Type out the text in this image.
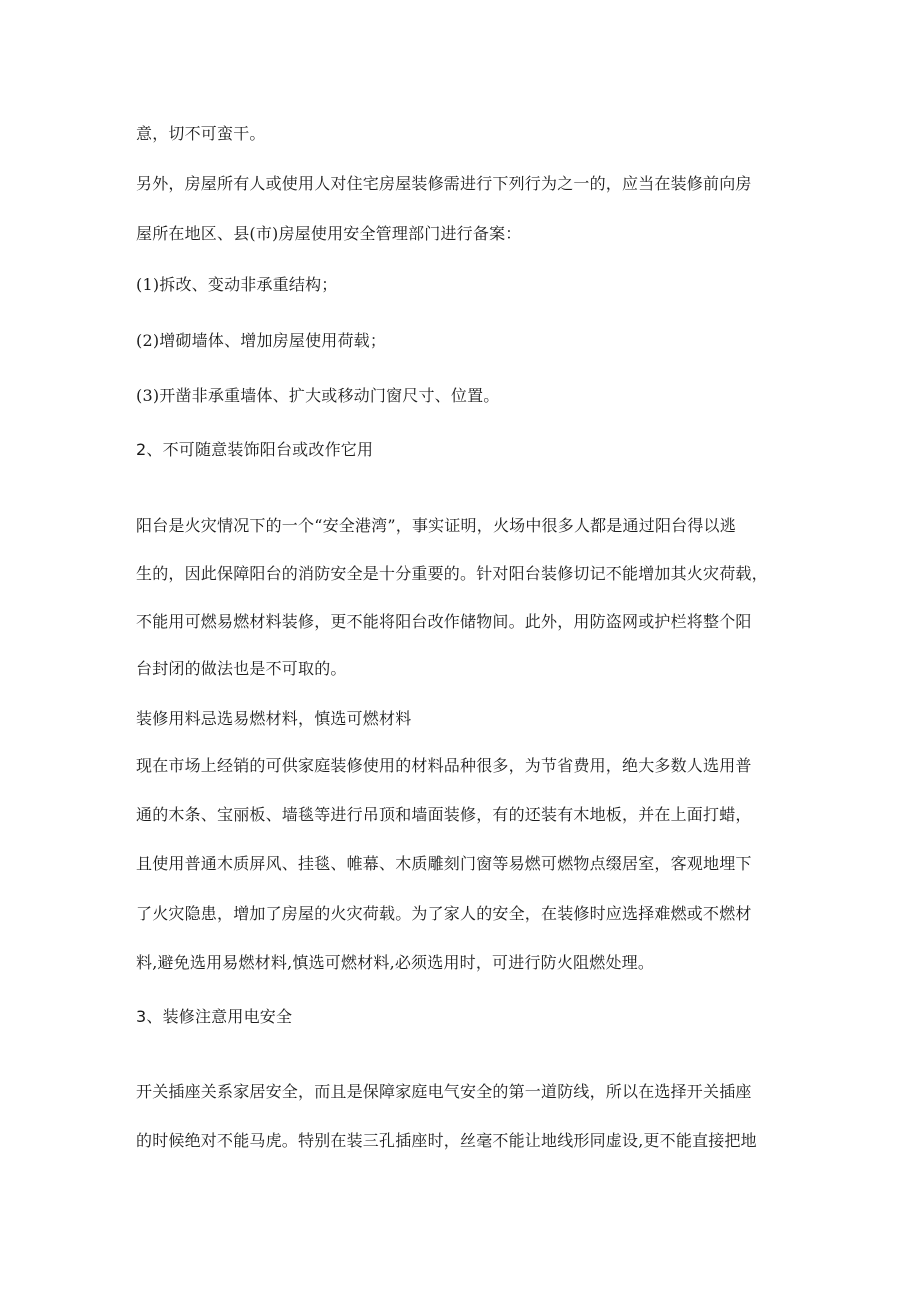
意，切不可蛮干。
另外，房屋所有人或使用人对住宅房屋装修需进行下列行为之一的，应当在装修前向房
屋所在地区、县(市)房屋使用安全管理部门进行备案：
(1)拆改、变动非承重结构；
(2)增砌墙体、增加房屋使用荷载；
(3)开凿非承重墙体、扩大或移动门窗尺寸、位置。
2、不可随意装饰阳台或改作它用
阳台是火灾情况下的一个“安全港湾”，事实证明，火场中很多人都是通过阳台得以逃
生的，因此保障阳台的消防安全是十分重要的。针对阳台装修切记不能增加其火灾荷载，
不能用可燃易燃材料装修，更不能将阳台改作储物间。此外，用防盗网或护栏将整个阳
台封闭的做法也是不可取的。
装修用料忌选易燃材料，慎选可燃材料
现在市场上经销的可供家庭装修使用的材料品种很多，为节省费用，绝大多数人选用普
通的木条、宝丽板、墙毯等进行吊顶和墙面装修，有的还装有木地板，并在上面打蜡，
且使用普通木质屏风、挂毯、帷幕、木质雕刻门窗等易燃可燃物点缀居室，客观地埋下
了火灾隐患，增加了房屋的火灾荷载。为了家人的安全，在装修时应选择难燃或不燃材
料,避免选用易燃材料,慎选可燃材料,必须选用时，可进行防火阻燃处理。
3、装修注意用电安全
开关插座关系家居安全，而且是保障家庭电气安全的第一道防线，所以在选择开关插座
的时候绝对不能马虎。特别在装三孔插座时，丝毫不能让地线形同虚设,更不能直接把地
